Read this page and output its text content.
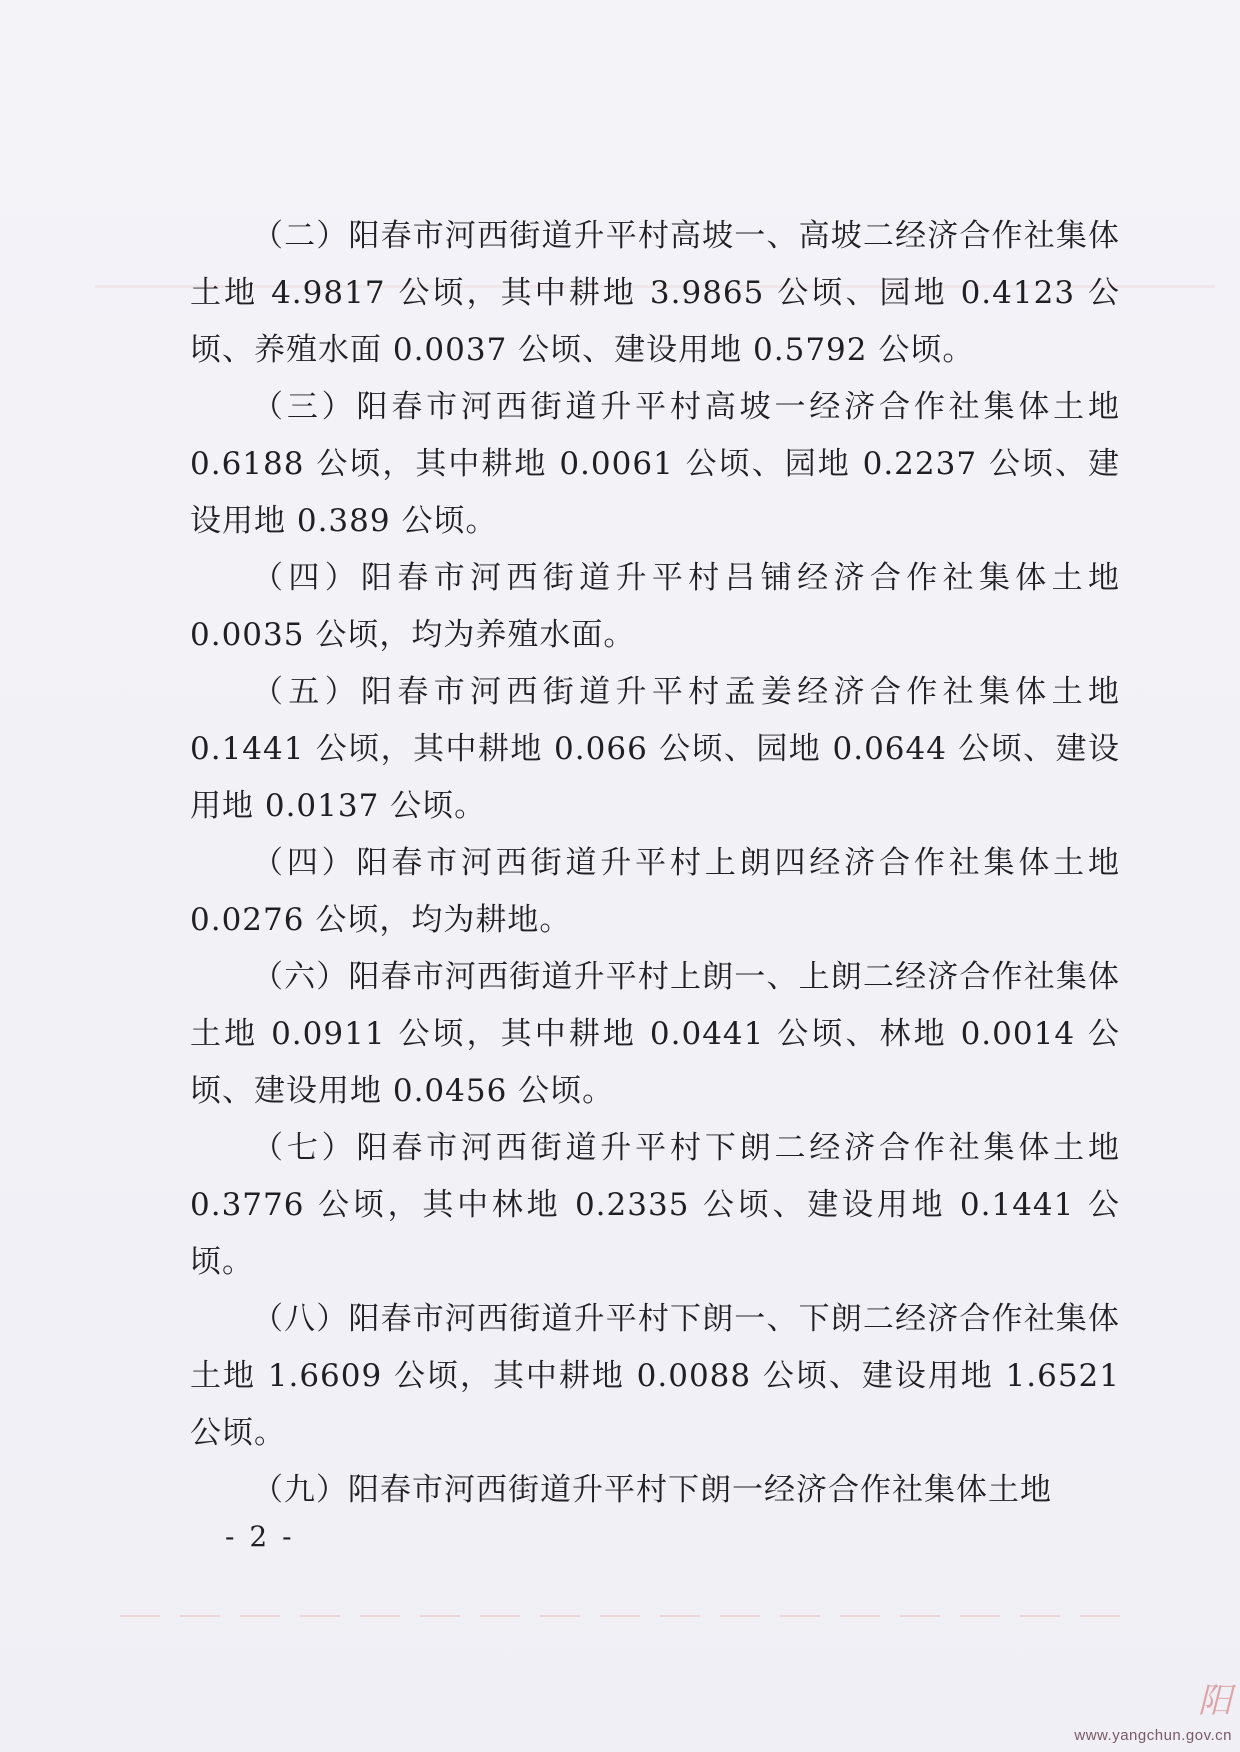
（二）阳春市河西街道升平村高坡一、高坡二经济合作社集体土地 4.9817 公顷，其中耕地 3.9865 公顷、园地 0.4123 公顷、养殖水面 0.0037 公顷、建设用地 0.5792 公顷。

（三）阳春市河西街道升平村高坡一经济合作社集体土地 0.6188 公顷，其中耕地 0.0061 公顷、园地 0.2237 公顷、建设用地 0.389 公顷。

（四）阳春市河西街道升平村吕铺经济合作社集体土地 0.0035 公顷，均为养殖水面。

（五）阳春市河西街道升平村孟姜经济合作社集体土地 0.1441 公顷，其中耕地 0.066 公顷、园地 0.0644 公顷、建设用地 0.0137 公顷。

（四）阳春市河西街道升平村上朗四经济合作社集体土地 0.0276 公顷，均为耕地。

（六）阳春市河西街道升平村上朗一、上朗二经济合作社集体土地 0.0911 公顷，其中耕地 0.0441 公顷、林地 0.0014 公顷、建设用地 0.0456 公顷。

（七）阳春市河西街道升平村下朗二经济合作社集体土地 0.3776 公顷，其中林地 0.2335 公顷、建设用地 0.1441 公顷。

（八）阳春市河西街道升平村下朗一、下朗二经济合作社集体土地 1.6609 公顷，其中耕地 0.0088 公顷、建设用地 1.6521 公顷。

（九）阳春市河西街道升平村下朗一经济合作社集体土地

- 2 -
阳
www.yangchun.gov.cn
